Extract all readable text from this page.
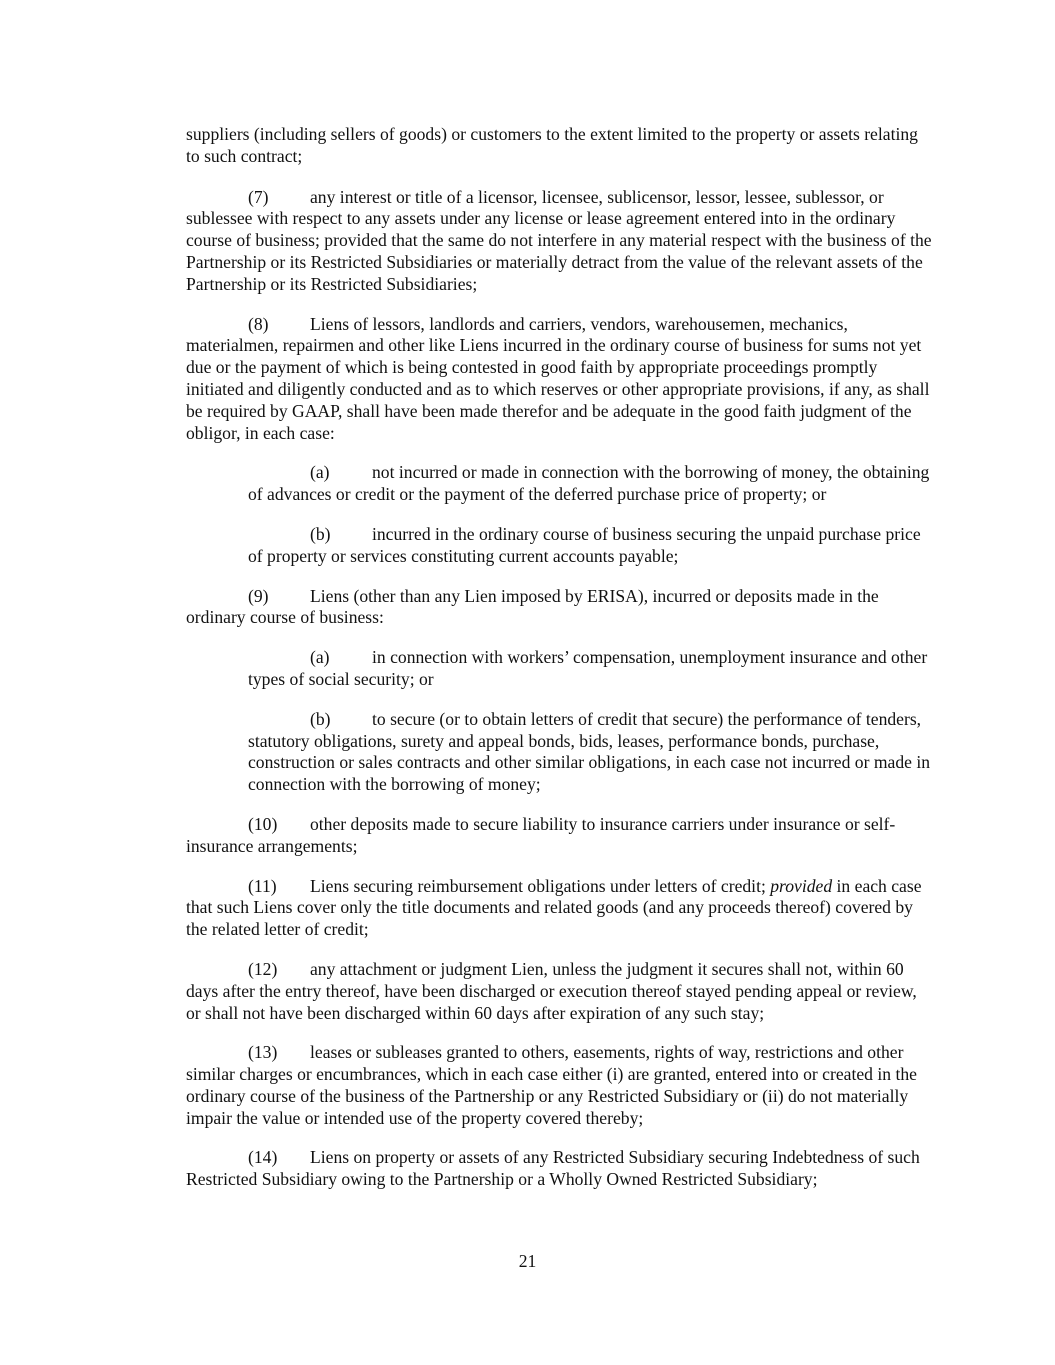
suppliers (including sellers of goods) or customers to the extent limited to the property or assets relating to such contract;

(7) any interest or title of a licensor, licensee, sublicensor, lessor, lessee, sublessor, or sublessee with respect to any assets under any license or lease agreement entered into in the ordinary course of business; provided that the same do not interfere in any material respect with the business of the Partnership or its Restricted Subsidiaries or materially detract from the value of the relevant assets of the Partnership or its Restricted Subsidiaries;

(8) Liens of lessors, landlords and carriers, vendors, warehousemen, mechanics, materialmen, repairmen and other like Liens incurred in the ordinary course of business for sums not yet due or the payment of which is being contested in good faith by appropriate proceedings promptly initiated and diligently conducted and as to which reserves or other appropriate provisions, if any, as shall be required by GAAP, shall have been made therefor and be adequate in the good faith judgment of the obligor, in each case:

(a) not incurred or made in connection with the borrowing of money, the obtaining of advances or credit or the payment of the deferred purchase price of property; or

(b) incurred in the ordinary course of business securing the unpaid purchase price of property or services constituting current accounts payable;

(9) Liens (other than any Lien imposed by ERISA), incurred or deposits made in the ordinary course of business:

(a) in connection with workers’ compensation, unemployment insurance and other types of social security; or

(b) to secure (or to obtain letters of credit that secure) the performance of tenders, statutory obligations, surety and appeal bonds, bids, leases, performance bonds, purchase, construction or sales contracts and other similar obligations, in each case not incurred or made in connection with the borrowing of money;

(10) other deposits made to secure liability to insurance carriers under insurance or self-insurance arrangements;

(11) Liens securing reimbursement obligations under letters of credit; provided in each case that such Liens cover only the title documents and related goods (and any proceeds thereof) covered by the related letter of credit;

(12) any attachment or judgment Lien, unless the judgment it secures shall not, within 60 days after the entry thereof, have been discharged or execution thereof stayed pending appeal or review, or shall not have been discharged within 60 days after expiration of any such stay;

(13) leases or subleases granted to others, easements, rights of way, restrictions and other similar charges or encumbrances, which in each case either (i) are granted, entered into or created in the ordinary course of the business of the Partnership or any Restricted Subsidiary or (ii) do not materially impair the value or intended use of the property covered thereby;

(14) Liens on property or assets of any Restricted Subsidiary securing Indebtedness of such Restricted Subsidiary owing to the Partnership or a Wholly Owned Restricted Subsidiary;

21
